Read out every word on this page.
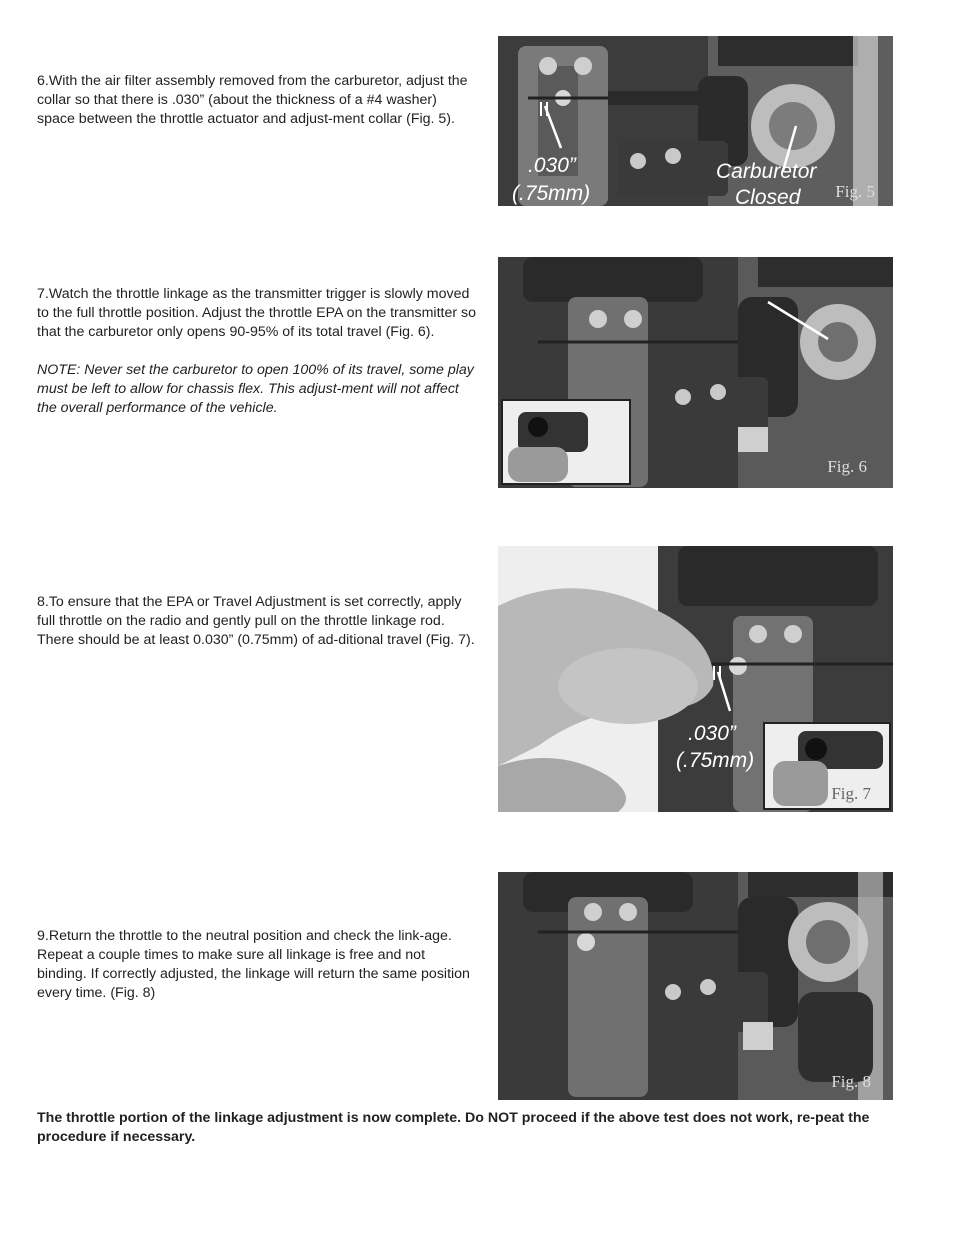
6.With the air filter assembly removed from the carburetor, adjust the collar so that there is .030” (about the thickness of a #4 washer) space between the throttle actuator and adjust-ment collar (Fig. 5).

.030”
(.75mm)
Carburetor
Closed Fig. 5

7.Watch the throttle linkage as the transmitter trigger is slowly moved to the full throttle position. Adjust the throttle EPA on the transmitter so that the carburetor only opens 90-95% of its total travel (Fig. 6).

NOTE: Never set the carburetor to open 100% of its travel, some play must be left to allow for chassis flex. This adjust-ment will not affect the overall performance of the vehicle.

Fig. 6

8.To ensure that the EPA or Travel Adjustment is set correctly, apply full throttle on the radio and gently pull on the throttle linkage rod. There should be at least 0.030” (0.75mm) of ad-ditional travel (Fig. 7).

.030”
(.75mm)
Fig. 7

9.Return the throttle to the neutral position and check the link-age. Repeat a couple times to make sure all linkage is free and not binding. If correctly adjusted, the linkage will return the same position every time. (Fig. 8)

Fig. 8
The throttle portion of the linkage adjustment is now complete. Do NOT proceed if the above test does not work, re-peat the procedure if necessary.
